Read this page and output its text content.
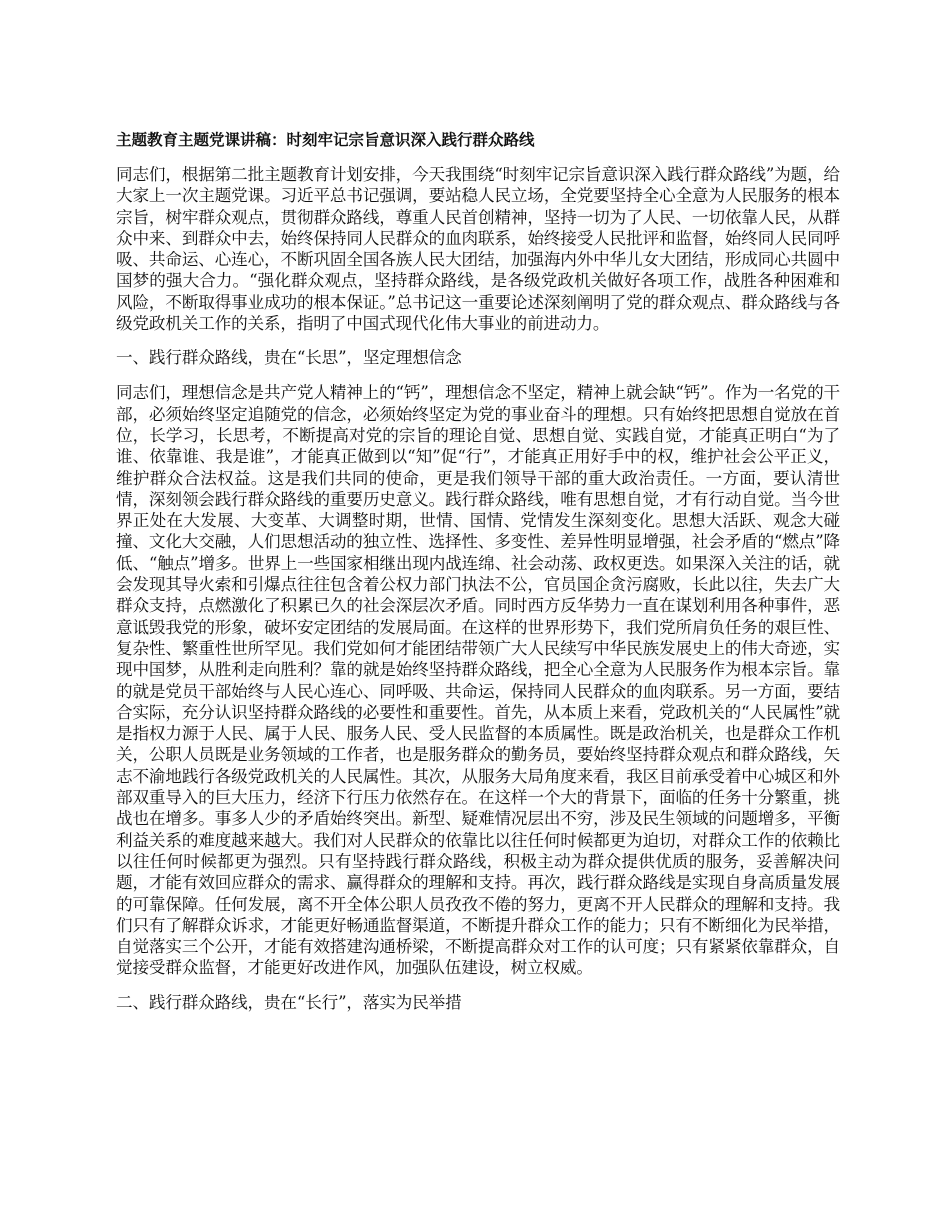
主题教育主题党课讲稿：时刻牢记宗旨意识深入践行群众路线

同志们，根据第二批主题教育计划安排，今天我围绕“时刻牢记宗旨意识深入践行群众路线”为题，给大家上一次主题党课。习近平总书记强调，要站稳人民立场，全党要坚持全心全意为人民服务的根本宗旨，树牢群众观点，贯彻群众路线，尊重人民首创精神，坚持一切为了人民、一切依靠人民，从群众中来、到群众中去，始终保持同人民群众的血肉联系，始终接受人民批评和监督，始终同人民同呼吸、共命运、心连心，不断巩固全国各族人民大团结，加强海内外中华儿女大团结，形成同心共圆中国梦的强大合力。“强化群众观点，坚持群众路线，是各级党政机关做好各项工作，战胜各种困难和风险，不断取得事业成功的根本保证。”总书记这一重要论述深刻阐明了党的群众观点、群众路线与各级党政机关工作的关系，指明了中国式现代化伟大事业的前进动力。

一、践行群众路线，贵在“长思”，坚定理想信念

同志们，理想信念是共产党人精神上的“钙”，理想信念不坚定，精神上就会缺“钙”。作为一名党的干部，必须始终坚定追随党的信念，必须始终坚定为党的事业奋斗的理想。只有始终把思想自觉放在首位，长学习，长思考，不断提高对党的宗旨的理论自觉、思想自觉、实践自觉，才能真正明白“为了谁、依靠谁、我是谁”，才能真正做到以“知”促“行”，才能真正用好手中的权，维护社会公平正义，维护群众合法权益。这是我们共同的使命，更是我们领导干部的重大政治责任。一方面，要认清世情，深刻领会践行群众路线的重要历史意义。践行群众路线，唯有思想自觉，才有行动自觉。当今世界正处在大发展、大变革、大调整时期，世情、国情、党情发生深刻变化。思想大活跃、观念大碰撞、文化大交融，人们思想活动的独立性、选择性、多变性、差异性明显增强，社会矛盾的“燃点”降低、“触点”增多。世界上一些国家相继出现内战连绵、社会动荡、政权更迭。如果深入关注的话，就会发现其导火索和引爆点往往包含着公权力部门执法不公，官员国企贪污腐败，长此以往，失去广大群众支持，点燃激化了积累已久的社会深层次矛盾。同时西方反华势力一直在谋划利用各种事件，恶意诋毁我党的形象，破坏安定团结的发展局面。在这样的世界形势下，我们党所肩负任务的艰巨性、复杂性、繁重性世所罕见。我们党如何才能团结带领广大人民续写中华民族发展史上的伟大奇迹，实现中国梦，从胜利走向胜利？靠的就是始终坚持群众路线，把全心全意为人民服务作为根本宗旨。靠的就是党员干部始终与人民心连心、同呼吸、共命运，保持同人民群众的血肉联系。另一方面，要结合实际，充分认识坚持群众路线的必要性和重要性。首先，从本质上来看，党政机关的“人民属性”就是指权力源于人民、属于人民、服务人民、受人民监督的本质属性。既是政治机关，也是群众工作机关，公职人员既是业务领域的工作者，也是服务群众的勤务员，要始终坚持群众观点和群众路线，矢志不渝地践行各级党政机关的人民属性。其次，从服务大局角度来看，我区目前承受着中心城区和外部双重导入的巨大压力，经济下行压力依然存在。在这样一个大的背景下，面临的任务十分繁重，挑战也在增多。事多人少的矛盾始终突出。新型、疑难情况层出不穷，涉及民生领域的问题增多，平衡利益关系的难度越来越大。我们对人民群众的依靠比以往任何时候都更为迫切，对群众工作的依赖比以往任何时候都更为强烈。只有坚持践行群众路线，积极主动为群众提供优质的服务，妥善解决问题，才能有效回应群众的需求、赢得群众的理解和支持。再次，践行群众路线是实现自身高质量发展的可靠保障。任何发展，离不开全体公职人员孜孜不倦的努力，更离不开人民群众的理解和支持。我们只有了解群众诉求，才能更好畅通监督渠道，不断提升群众工作的能力；只有不断细化为民举措，自觉落实三个公开，才能有效搭建沟通桥梁，不断提高群众对工作的认可度；只有紧紧依靠群众，自觉接受群众监督，才能更好改进作风，加强队伍建设，树立权威。

二、践行群众路线，贵在“长行”，落实为民举措
